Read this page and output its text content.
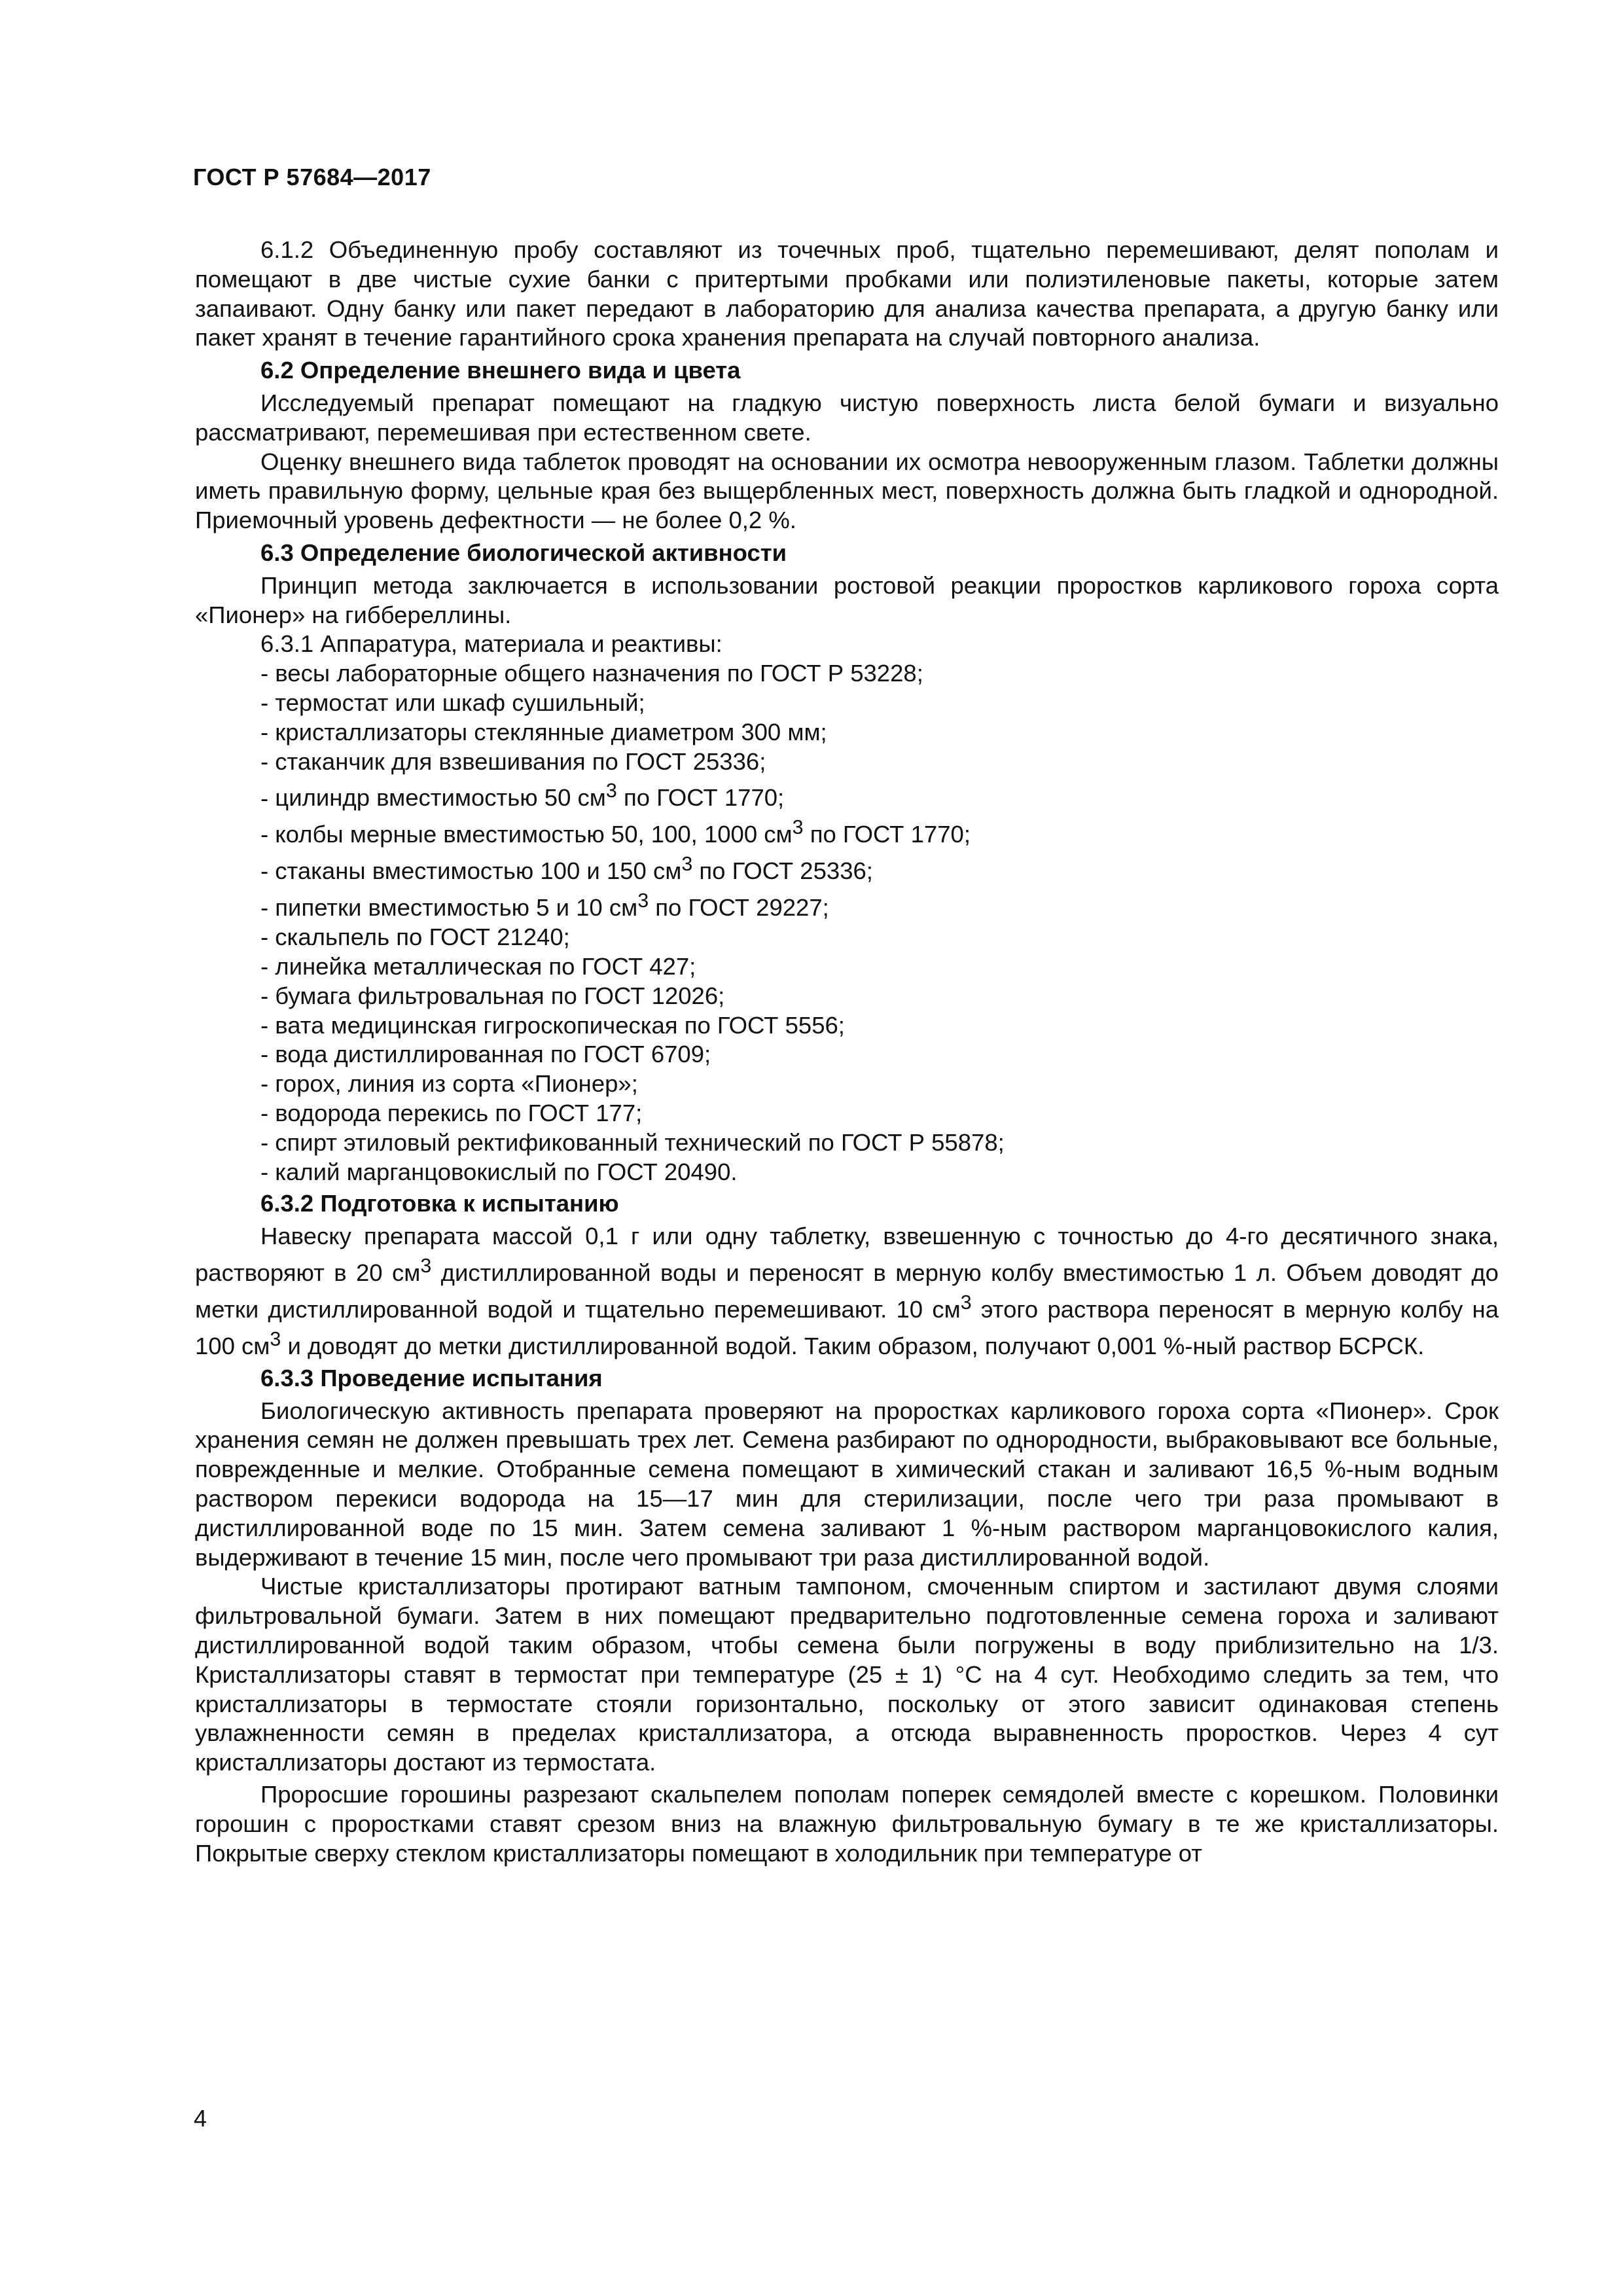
ГОСТ Р 57684—2017

6.1.2 Объединенную пробу составляют из точечных проб, тщательно перемешивают, делят пополам и помещают в две чистые сухие банки с притертыми пробками или полиэтиленовые пакеты, которые затем запаивают. Одну банку или пакет передают в лабораторию для анализа качества препарата, а другую банку или пакет хранят в течение гарантийного срока хранения препарата на случай повторного анализа.

6.2 Определение внешнего вида и цвета

Исследуемый препарат помещают на гладкую чистую поверхность листа белой бумаги и визуально рассматривают, перемешивая при естественном свете.

Оценку внешнего вида таблеток проводят на основании их осмотра невооруженным глазом. Таблетки должны иметь правильную форму, цельные края без выщербленных мест, поверхность должна быть гладкой и однородной. Приемочный уровень дефектности — не более 0,2 %.

6.3 Определение биологической активности

Принцип метода заключается в использовании ростовой реакции проростков карликового гороха сорта «Пионер» на гиббереллины.

6.3.1 Аппаратура, материала и реактивы:
- весы лабораторные общего назначения по ГОСТ Р 53228;
- термостат или шкаф сушильный;
- кристаллизаторы стеклянные диаметром 300 мм;
- стаканчик для взвешивания по ГОСТ 25336;
- цилиндр вместимостью 50 $см^3$ по ГОСТ 1770;
- колбы мерные вместимостью 50, 100, 1000 $см^3$ по ГОСТ 1770;
- стаканы вместимостью 100 и 150 $см^3$ по ГОСТ 25336;
- пипетки вместимостью 5 и 10 $см^3$ по ГОСТ 29227;
- скальпель по ГОСТ 21240;
- линейка металлическая по ГОСТ 427;
- бумага фильтровальная по ГОСТ 12026;
- вата медицинская гигроскопическая по ГОСТ 5556;
- вода дистиллированная по ГОСТ 6709;
- горох, линия из сорта «Пионер»;
- водорода перекись по ГОСТ 177;
- спирт этиловый ректификованный технический по ГОСТ Р 55878;
- калий марганцовокислый по ГОСТ 20490.
6.3.2 Подготовка к испытанию

Навеску препарата массой 0,1 г или одну таблетку, взвешенную с точностью до 4-го десятичного знака, растворяют в 20 $см^3$ дистиллированной воды и переносят в мерную колбу вместимостью 1 л. Объем доводят до метки дистиллированной водой и тщательно перемешивают. 10 $см^3$ этого раствора переносят в мерную колбу на 100 $см^3$ и доводят до метки дистиллированной водой. Таким образом, получают 0,001 %-ный раствор БСРСК.

6.3.3 Проведение испытания

Биологическую активность препарата проверяют на проростках карликового гороха сорта «Пионер». Срок хранения семян не должен превышать трех лет. Семена разбирают по однородности, выбраковывают все больные, поврежденные и мелкие. Отобранные семена помещают в химический стакан и заливают 16,5 %-ным водным раствором перекиси водорода на 15—17 мин для стерилизации, после чего три раза промывают в дистиллированной воде по 15 мин. Затем семена заливают 1 %-ным раствором марганцовокислого калия, выдерживают в течение 15 мин, после чего промывают три раза дистиллированной водой.

Чистые кристаллизаторы протирают ватным тампоном, смоченным спиртом и застилают двумя слоями фильтровальной бумаги. Затем в них помещают предварительно подготовленные семена гороха и заливают дистиллированной водой таким образом, чтобы семена были погружены в воду приблизительно на 1/3. Кристаллизаторы ставят в термостат при температуре (25 ± 1) °С на 4 сут. Необходимо следить за тем, что кристаллизаторы в термостате стояли горизонтально, поскольку от этого зависит одинаковая степень увлажненности семян в пределах кристаллизатора, а отсюда выравненность проростков. Через 4 сут кристаллизаторы достают из термостата.

Проросшие горошины разрезают скальпелем пополам поперек семядолей вместе с корешком. Половинки горошин с проростками ставят срезом вниз на влажную фильтровальную бумагу в те же кристаллизаторы. Покрытые сверху стеклом кристаллизаторы помещают в холодильник при температуре от

4
